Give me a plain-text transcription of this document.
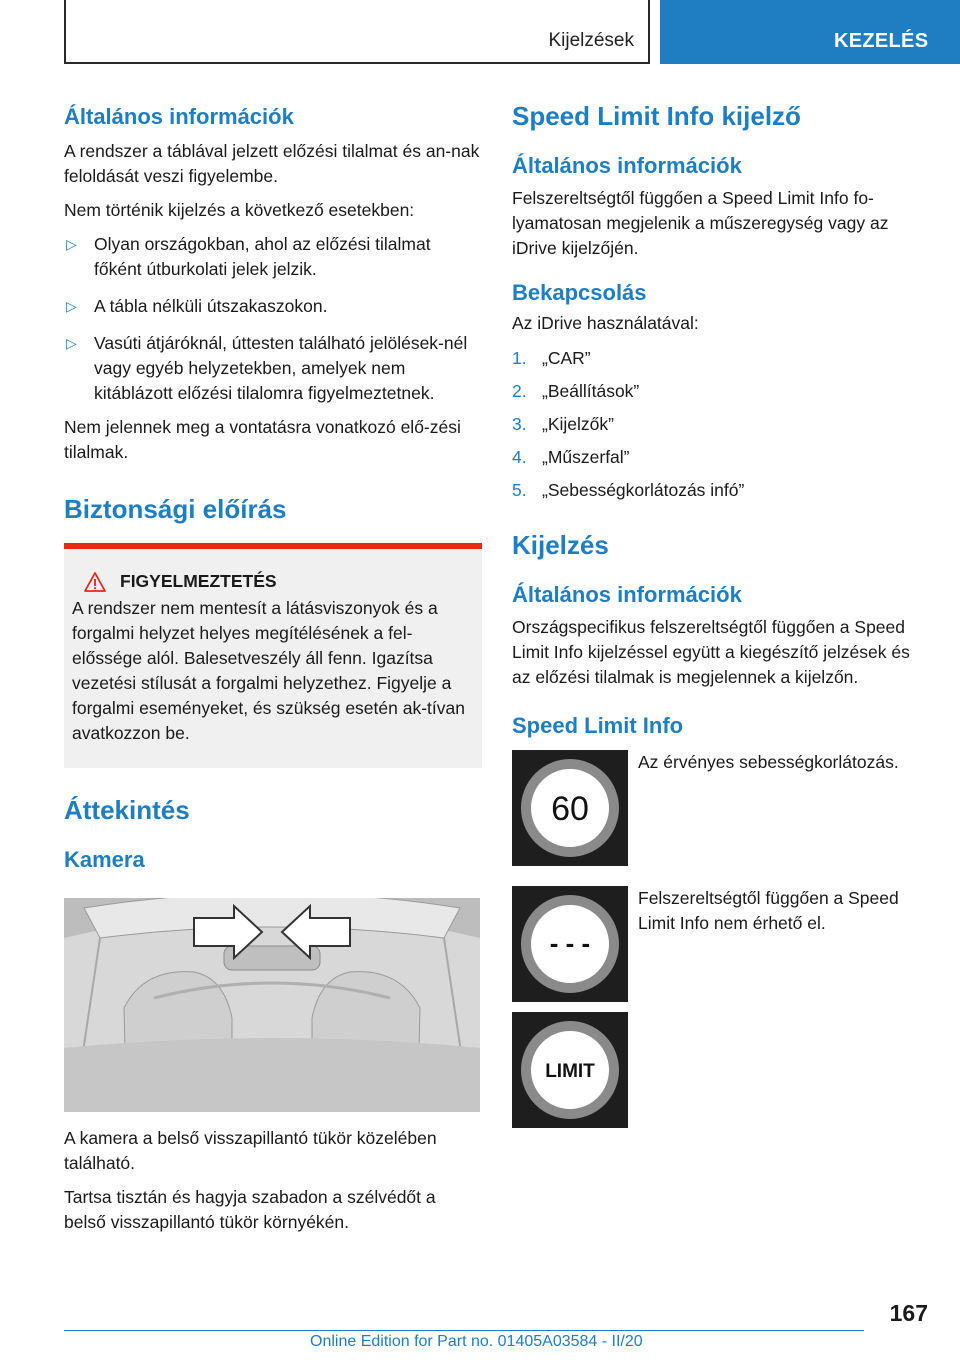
Kijelzések	KEZELÉS
Általános információk

A rendszer a táblával jelzett előzési tilalmat és an-nak feloldását veszi figyelembe.

Nem történik kijelzés a következő esetekben:

▷ Olyan országokban, ahol az előzési tilalmat főként útburkolati jelek jelzik.
▷ A tábla nélküli útszakaszokon.
▷ Vasúti átjáróknál, úttesten található jelölések-nél vagy egyéb helyzetekben, amelyek nem kitáblázott előzési tilalomra figyelmeztetnek.

Nem jelennek meg a vontatásra vonatkozó elő-zési tilalmak.

Biztonsági előírás
FIGYELMEZTETÉS

A rendszer nem mentesít a látásviszonyok és a forgalmi helyzet helyes megítélésének a fel-előssége alól. Balesetveszély áll fenn. Igazítsa vezetési stílusát a forgalmi helyzethez. Figyelje a forgalmi eseményeket, és szükség esetén ak-tívan avatkozzon be.

Áttekintés
Kamera

A kamera a belső visszapillantó tükör közelében található.

Tartsa tisztán és hagyja szabadon a szélvédőt a belső visszapillantó tükör környékén.

Speed Limit Info kijelző
Általános információk

Felszereltségtől függően a Speed Limit Info fo-lyamatosan megjelenik a műszeregység vagy az iDrive kijelzőjén.

Bekapcsolás

Az iDrive használatával:

1. „CAR”
2. „Beállítások”
3. „Kijelzők”
4. „Műszerfal”
5. „Sebességkorlátozás infó”
Kijelzés
Általános információk

Országspecifikus felszereltségtől függően a Speed Limit Info kijelzéssel együtt a kiegészítő jelzések és az előzési tilalmak is megjelennek a kijelzőn.

Speed Limit Info
60
Az érvényes sebességkorlátozás.
- - -
Felszereltségtől függően a Speed Limit Info nem érhető el.
LIMIT
167
Online Edition for Part no. 01405A03584 - II/20
